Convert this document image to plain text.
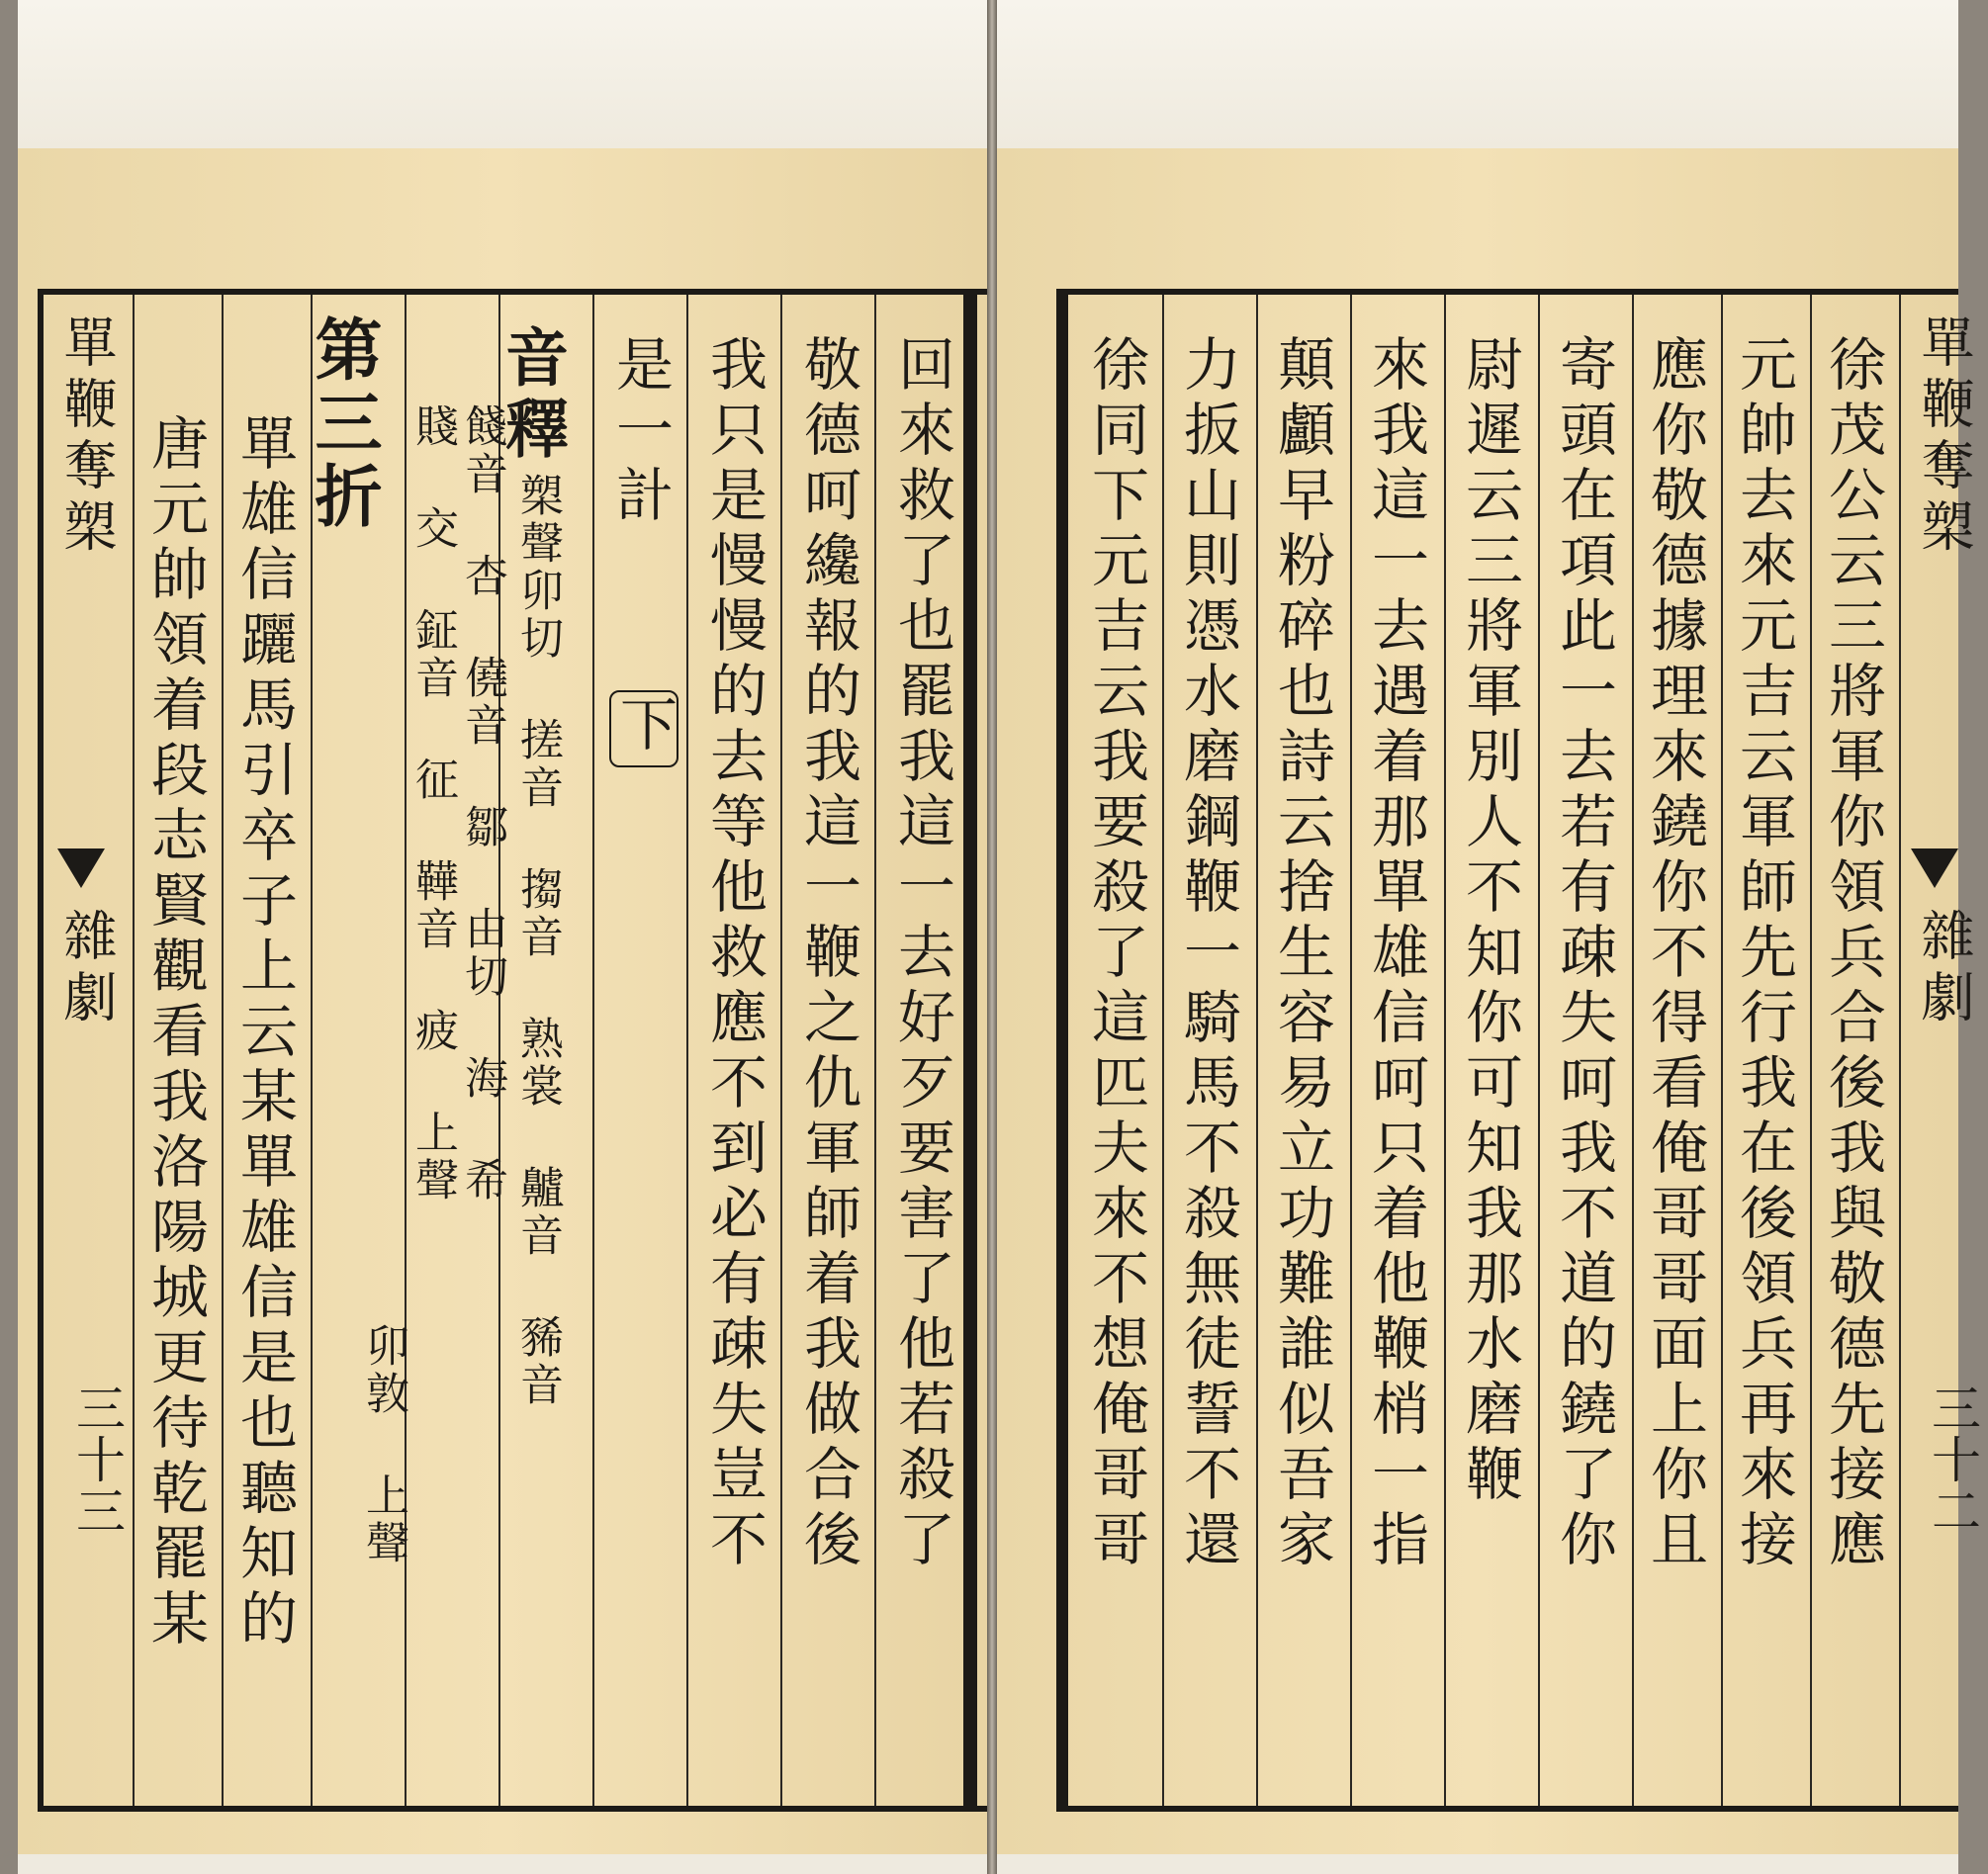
回來救了也罷我這一去好歹要害了他若殺了
敬德呵纔報的我這一鞭之仇軍師着我做合後
我只是慢慢的去等他救應不到必有疎失豈不
是一計
下
音釋
槊聲卯切 搓音 搊音 熟裳 齇音 豨音
餞音 杏 僥音 鄒 由切 海 希
賤 交 鉦音 征 鞾音 疲 上聲
卯敦 上聲
第三折
單雄信躧馬引卒子上云某單雄信是也聽知的
唐元帥領着段志賢觀看我洛陽城更待乾罷某
單鞭奪槊
雜劇
三十三
單鞭奪槊
雜劇
三十二
徐茂公云三將軍你領兵合後我與敬德先接應
元帥去來元吉云軍師先行我在後領兵再來接
應你敬德據理來鐃你不得看俺哥哥面上你且
寄頭在項此一去若有疎失呵我不道的鐃了你
尉遲云三將軍別人不知你可知我那水磨鞭
來我這一去遇着那單雄信呵只着他鞭梢一指
顛顱早粉碎也詩云捨生容易立功難誰似吾家
力扳山則憑水磨鋼鞭一騎馬不殺無徒誓不還
徐同下元吉云我要殺了這匹夫來不想俺哥哥
